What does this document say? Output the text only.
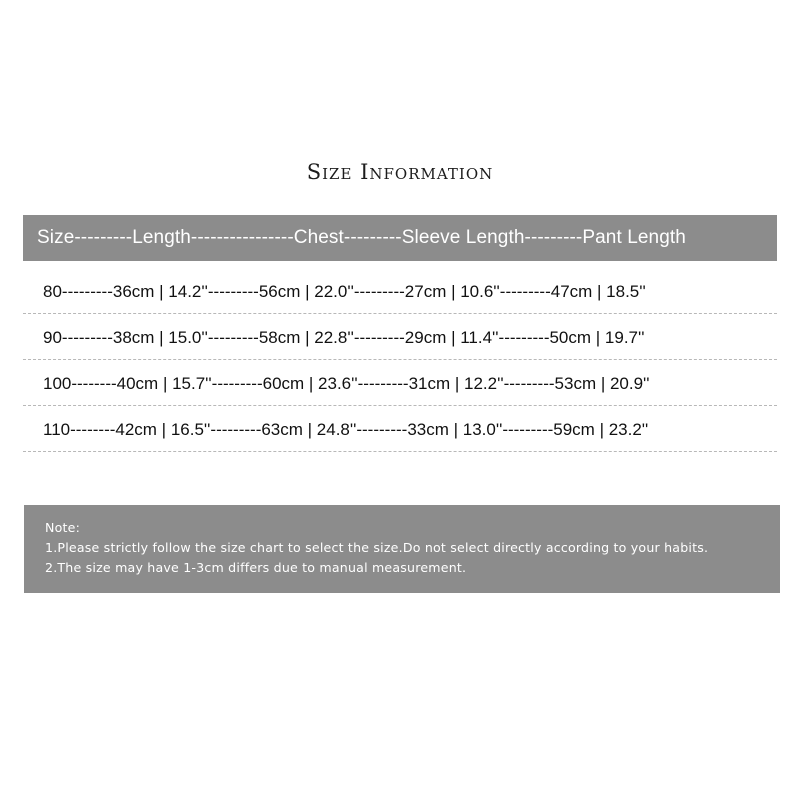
Size Information
Size---------Length----------------Chest---------Sleeve Length---------Pant Length
80---------36cm | 14.2''---------56cm | 22.0''---------27cm | 10.6''---------47cm | 18.5''
90---------38cm | 15.0''---------58cm | 22.8''---------29cm | 11.4''---------50cm | 19.7''
100--------40cm | 15.7''---------60cm | 23.6''---------31cm | 12.2''---------53cm | 20.9''
110--------42cm | 16.5''---------63cm | 24.8''---------33cm | 13.0''---------59cm | 23.2''
Note:
1.Please strictly follow the size chart to select the size.Do not select directly according to your habits.
2.The size may have 1-3cm differs due to manual measurement.
